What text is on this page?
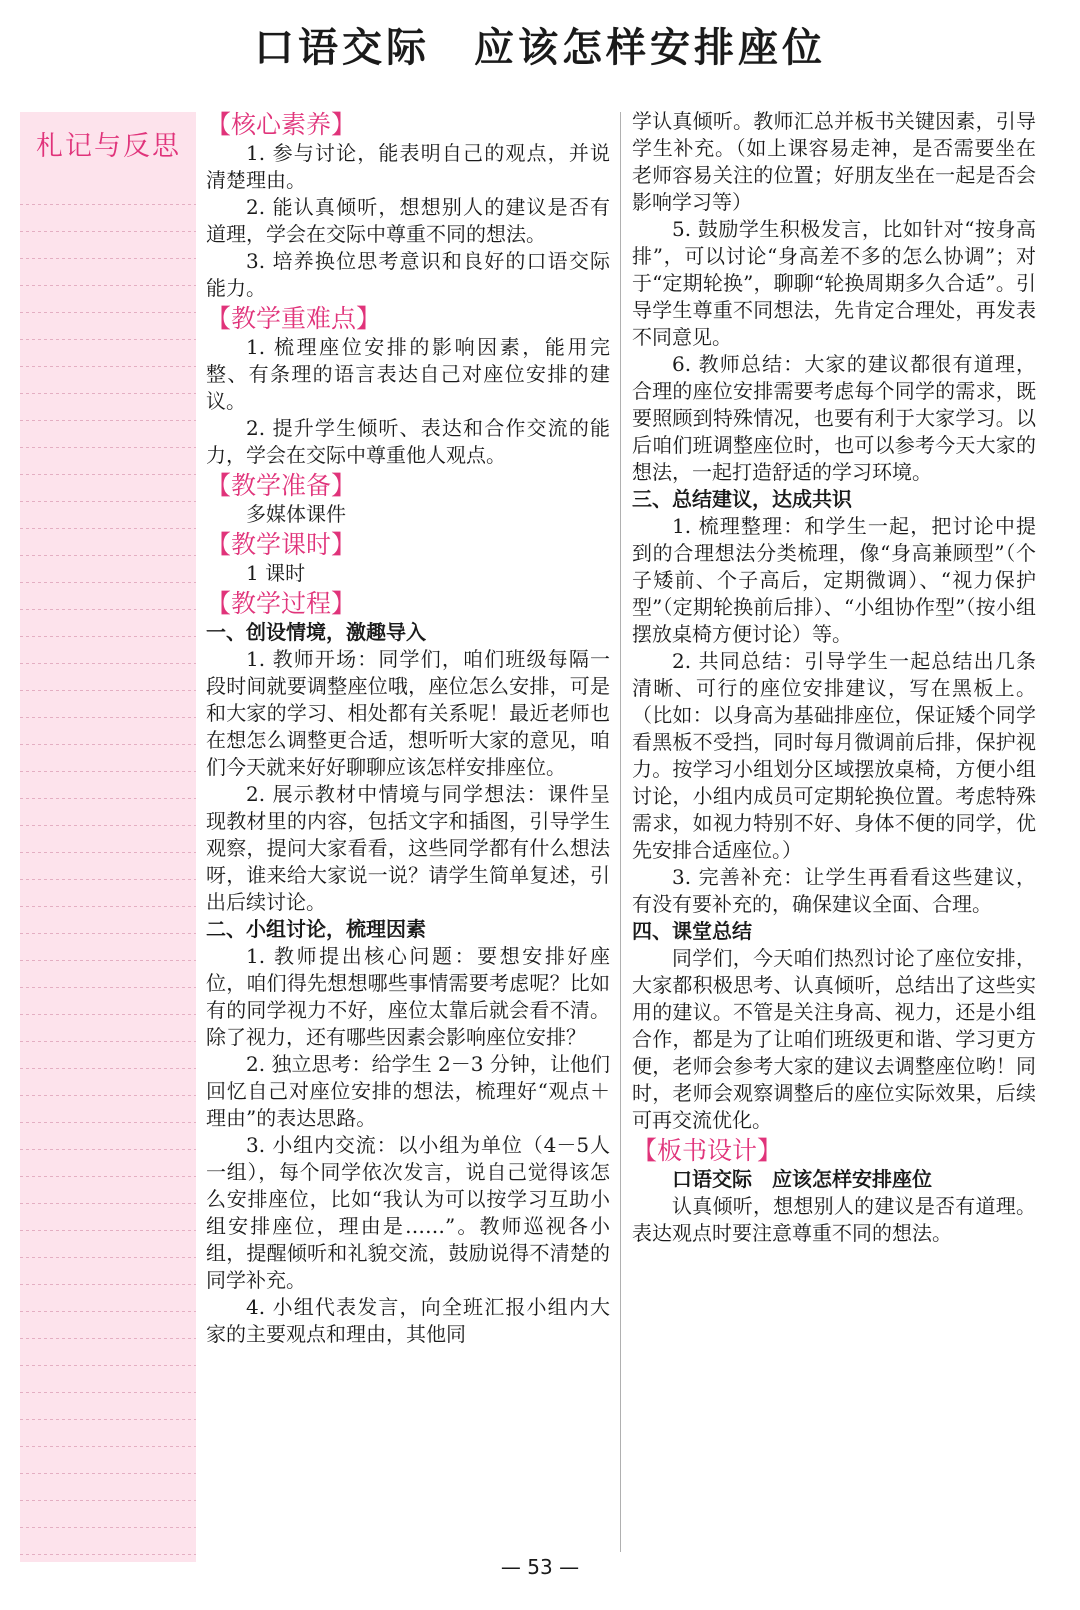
口语交际　应该怎样安排座位
札记与反思
【核心素养】

1. 参与讨论，能表明自己的观点，并说清楚理由。

2. 能认真倾听，想想别人的建议是否有道理，学会在交际中尊重不同的想法。

3. 培养换位思考意识和良好的口语交际能力。

【教学重难点】

1. 梳理座位安排的影响因素，能用完整、有条理的语言表达自己对座位安排的建议。

2. 提升学生倾听、表达和合作交流的能力，学会在交际中尊重他人观点。

【教学准备】

多媒体课件

【教学课时】

1 课时

【教学过程】
一、创设情境，激趣导入

1. 教师开场：同学们，咱们班级每隔一段时间就要调整座位哦，座位怎么安排，可是和大家的学习、相处都有关系呢！最近老师也在想怎么调整更合适，想听听大家的意见，咱们今天就来好好聊聊应该怎样安排座位。

2. 展示教材中情境与同学想法：课件呈现教材里的内容，包括文字和插图，引导学生观察，提问大家看看，这些同学都有什么想法呀，谁来给大家说一说？请学生简单复述，引出后续讨论。

二、小组讨论，梳理因素

1. 教师提出核心问题：要想安排好座位，咱们得先想想哪些事情需要考虑呢？比如有的同学视力不好，座位太靠后就会看不清。除了视力，还有哪些因素会影响座位安排？

2. 独立思考：给学生 2－3 分钟，让他们回忆自己对座位安排的想法，梳理好“观点＋理由”的表达思路。

3. 小组内交流：以小组为单位（4－5人一组），每个同学依次发言，说自己觉得该怎么安排座位，比如“我认为可以按学习互助小组安排座位，理由是……”。教师巡视各小组，提醒倾听和礼貌交流，鼓励说得不清楚的同学补充。

4. 小组代表发言，向全班汇报小组内大家的主要观点和理由，其他同

学认真倾听。教师汇总并板书关键因素，引导学生补充。（如上课容易走神，是否需要坐在老师容易关注的位置；好朋友坐在一起是否会影响学习等）

5. 鼓励学生积极发言，比如针对“按身高排”，可以讨论“身高差不多的怎么协调”；对于“定期轮换”，聊聊“轮换周期多久合适”。引导学生尊重不同想法，先肯定合理处，再发表不同意见。

6. 教师总结：大家的建议都很有道理，合理的座位安排需要考虑每个同学的需求，既要照顾到特殊情况，也要有利于大家学习。以后咱们班调整座位时，也可以参考今天大家的想法，一起打造舒适的学习环境。

三、总结建议，达成共识

1. 梳理整理：和学生一起，把讨论中提到的合理想法分类梳理，像“身高兼顾型”（个子矮前、个子高后，定期微调）、“视力保护型”（定期轮换前后排）、“小组协作型”（按小组摆放桌椅方便讨论）等。

2. 共同总结：引导学生一起总结出几条清晰、可行的座位安排建议，写在黑板上。（比如：以身高为基础排座位，保证矮个同学看黑板不受挡，同时每月微调前后排，保护视力。按学习小组划分区域摆放桌椅，方便小组讨论，小组内成员可定期轮换位置。考虑特殊需求，如视力特别不好、身体不便的同学，优先安排合适座位。）

3. 完善补充：让学生再看看这些建议，有没有要补充的，确保建议全面、合理。

四、课堂总结

同学们，今天咱们热烈讨论了座位安排，大家都积极思考、认真倾听，总结出了这些实用的建议。不管是关注身高、视力，还是小组合作，都是为了让咱们班级更和谐、学习更方便，老师会参考大家的建议去调整座位哟！同时，老师会观察调整后的座位实际效果，后续可再交流优化。

【板书设计】
口语交际　应该怎样安排座位

认真倾听，想想别人的建议是否有道理。表达观点时要注意尊重不同的想法。

— 53 —
